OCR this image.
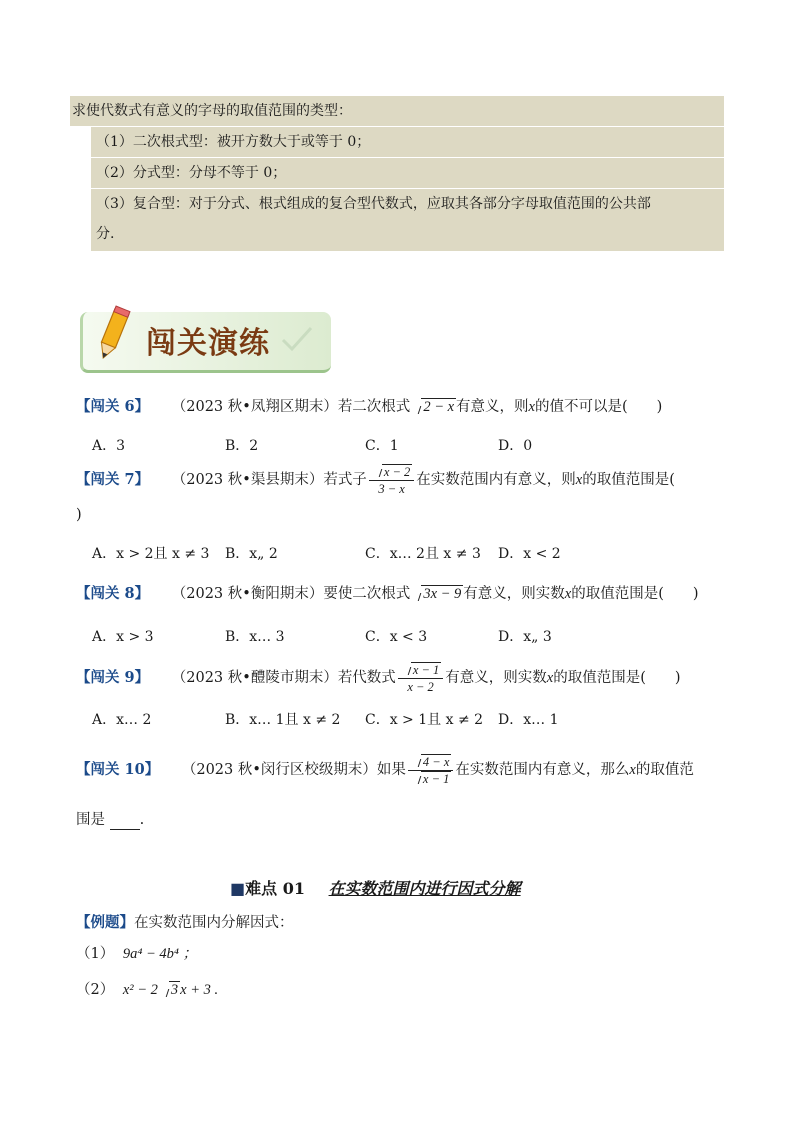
求使代数式有意义的字母的取值范围的类型：
（1）二次根式型：被开方数大于或等于 0；
（2）分式型：分母不等于 0；
（3）复合型：对于分式、根式组成的复合型代数式，应取其各部分字母取值范围的公共部
分.
闯关演练
【闯关 6】 （2023 秋•凤翔区期末）若二次根式 2 − x 有意义，则x的值不可以是(　　)
A．3	B．2	C．1	D．0
【闯关 7】 （2023 秋•渠县期末）若式子 $\frac{x - 2}{3 - x}$ 在实数范围内有意义，则x的取值范围是(
)
A．x > 2且 x ≠ 3 B．x„ 2	C．x… 2且 x ≠ 3 D．x < 2
【闯关 8】 （2023 秋•衡阳期末）要使二次根式 3x − 9 有意义，则实数x的取值范围是(　　)
A．x > 3	B．x… 3	C．x < 3	D．x„ 3
【闯关 9】 （2023 秋•醴陵市期末）若代数式 $\frac{x - 1}{x - 2}$ 有意义，则实数x的取值范围是(　　)
A．x… 2	B．x… 1且 x ≠ 2 C．x > 1且 x ≠ 2 D．x… 1
【闯关 10】 （2023 秋•闵行区校级期末）如果 $\frac{4 - x}{x - 1}$ 在实数范围内有意义，那么x的取值范
围是 .
■难点 01 在实数范围内进行因式分解
【例题】在实数范围内分解因式：
（1） 9a⁴ − 4b⁴ ；
（2） x² − 2 3 x + 3 .
